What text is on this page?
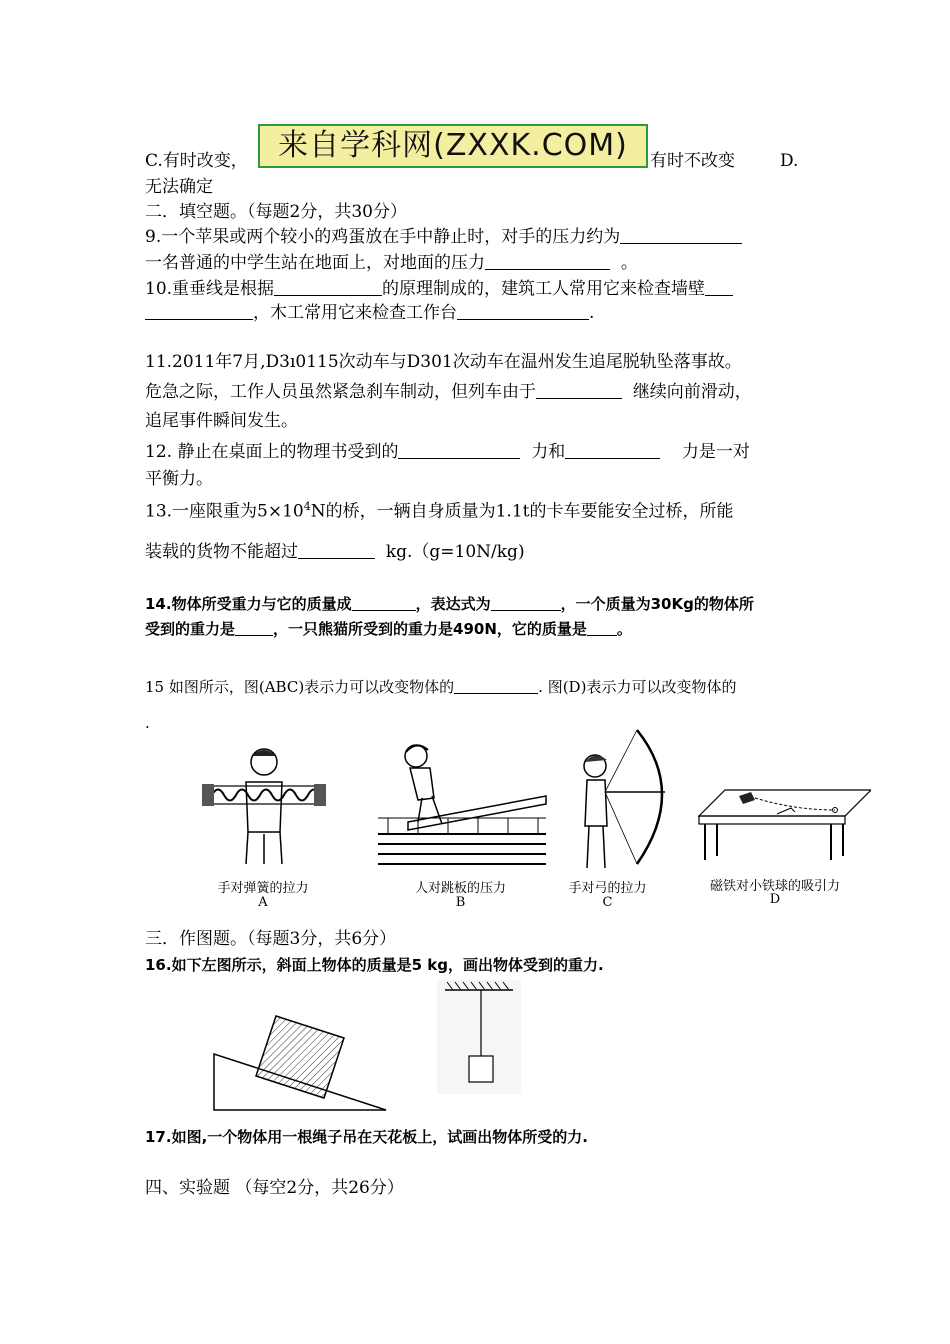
C.有时改变，	来自学科网(ZXXK.COM)	有时不改变	D.
无法确定
二．填空题。（每题2分，共30分）
9.一个苹果或两个较小的鸡蛋放在手中静止时，对手的压力约为
一名普通的中学生站在地面上，对地面的压力	。
10.重垂线是根据	的原理制成的，建筑工人常用它来检查墙壁
，木工常用它来检查工作台	.
11.2011年7月,D3ı0115次动车与D301次动车在温州发生追尾脱轨坠落事故。
危急之际，工作人员虽然紧急刹车制动，但列车由于	继续向前滑动，
追尾事件瞬间发生。
12. 静止在桌面上的物理书受到的	力和	力是一对
平衡力。
13.一座限重为$5\times 10^4N$的桥，一辆自身质量为1.1t的卡车要能安全过桥，所能
装载的货物不能超过	kg.（g=10N/kg)
14.物体所受重力与它的质量成	，表达式为	，一个质量为30Kg的物体所
受到的重力是	，一只熊猫所受到的重力是490N，它的质量是 。
15 如图所示，图(ABC)表示力可以改变物体的	. 图(D)表示力可以改变物体的
.
手对弹簧的拉力
A
人对跳板的压力
B
手对弓的拉力
C
磁铁对小铁球的吸引力
D
三．作图题。（每题3分，共6分）
16.如下左图所示，斜面上物体的质量是5 kg，画出物体受到的重力.
17.如图,一个物体用一根绳子吊在天花板上，试画出物体所受的力.
四、实验题 （每空2分，共26分）
